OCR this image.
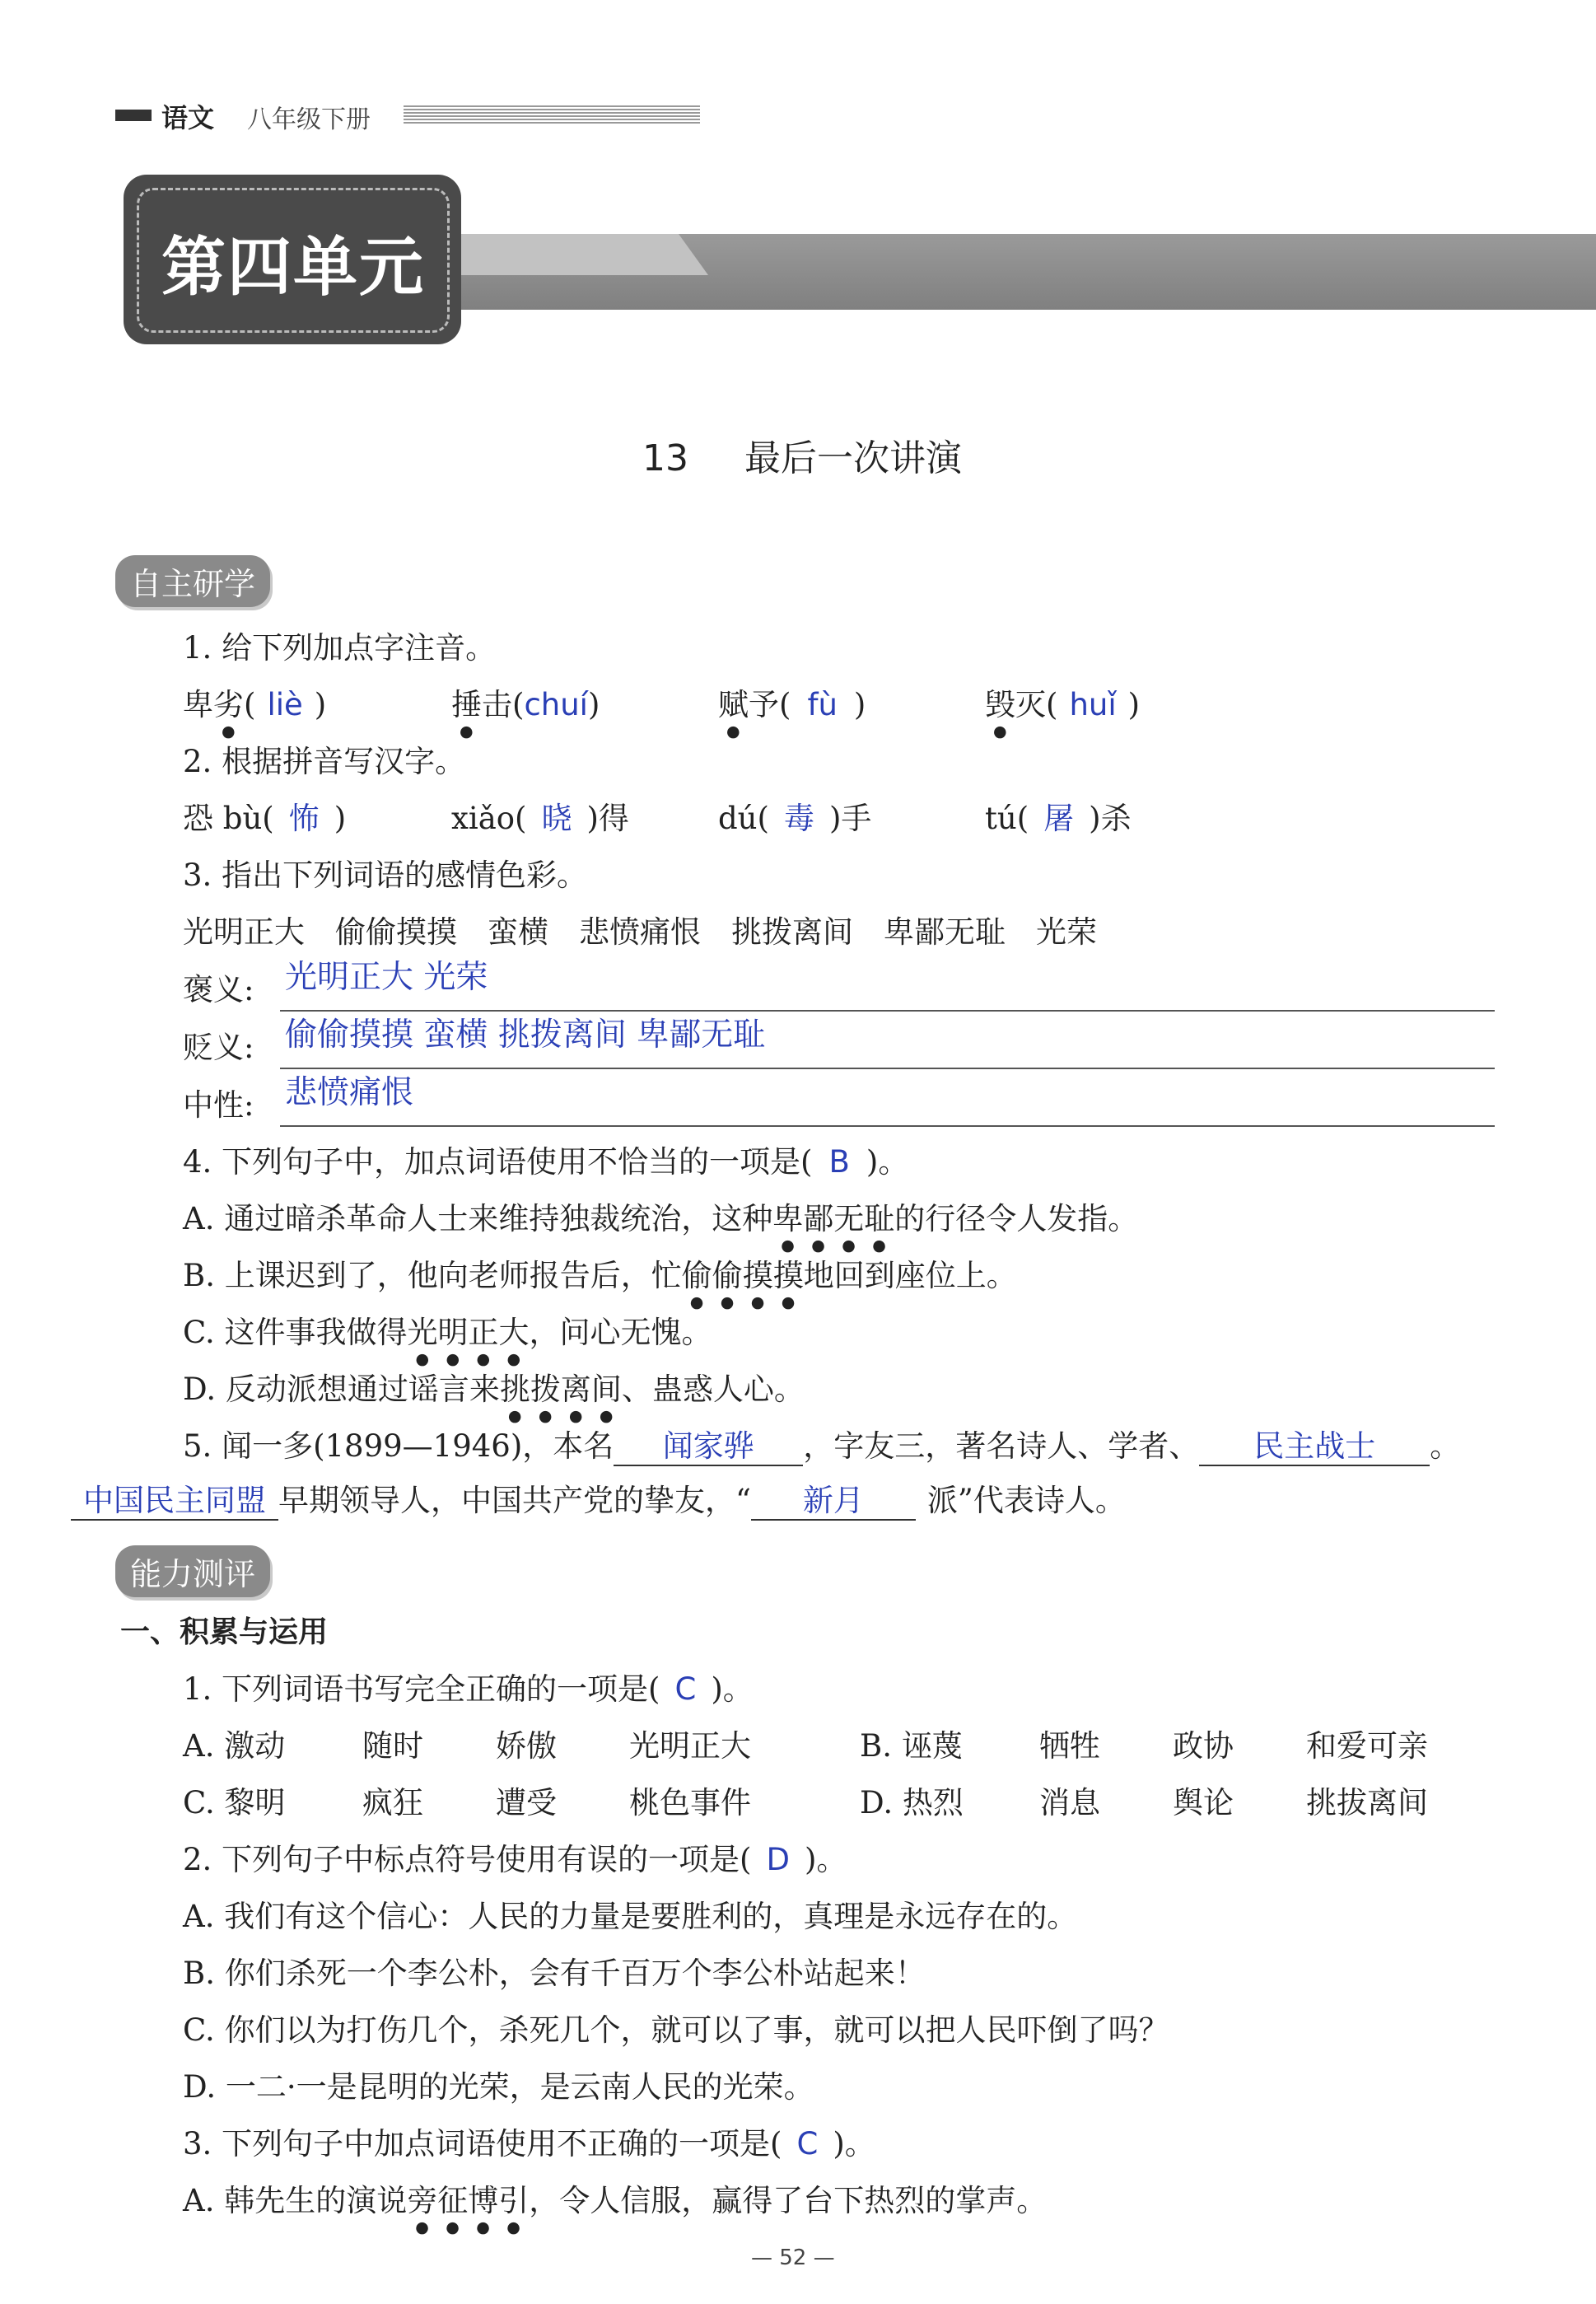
语文 八年级下册
第四单元
13 最后一次讲演
自主研学
1. 给下列加点字注音。
卑劣( liè )	捶击(chuí)	赋予( fù )	毁灭( huǐ )
2. 根据拼音写汉字。
恐 bù( 怖 )	xiǎo( 晓 )得	dú( 毒 )手	tú( 屠 )杀
3. 指出下列词语的感情色彩。
光明正大　偷偷摸摸　蛮横　悲愤痛恨　挑拨离间　卑鄙无耻　光荣
褒义: 光明正大 光荣
贬义: 偷偷摸摸 蛮横 挑拨离间 卑鄙无耻
中性: 悲愤痛恨
4. 下列句子中，加点词语使用不恰当的一项是( B )。
A. 通过暗杀革命人士来维持独裁统治，这种卑鄙无耻的行径令人发指。
B. 上课迟到了，他向老师报告后，忙偷偷摸摸地回到座位上。
C. 这件事我做得光明正大，问心无愧。
D. 反动派想通过谣言来挑拨离间、蛊惑人心。
5. 闻一多(1899—1946)，本名 闻家骅 ，字友三，著名诗人、学者、 民主战士 。
中国民主同盟 早期领导人，中国共产党的挚友，“ 新月 派”代表诗人。
能力测评
一、积累与运用
1. 下列词语书写完全正确的一项是( C )。
A. 激动	随时 娇傲 光明正大	B. 诬蔑	牺牲 政协 和爱可亲
C. 黎明	疯狂 遭受 桃色事件	D. 热烈 消息 舆论 挑拔离间
2. 下列句子中标点符号使用有误的一项是( D )。
A. 我们有这个信心：人民的力量是要胜利的，真理是永远存在的。
B. 你们杀死一个李公朴，会有千百万个李公朴站起来！
C. 你们以为打伤几个，杀死几个，就可以了事，就可以把人民吓倒了吗？
D. 一二·一是昆明的光荣，是云南人民的光荣。
3. 下列句子中加点词语使用不正确的一项是( C )。
A. 韩先生的演说旁征博引，令人信服，赢得了台下热烈的掌声。
— 52 —
